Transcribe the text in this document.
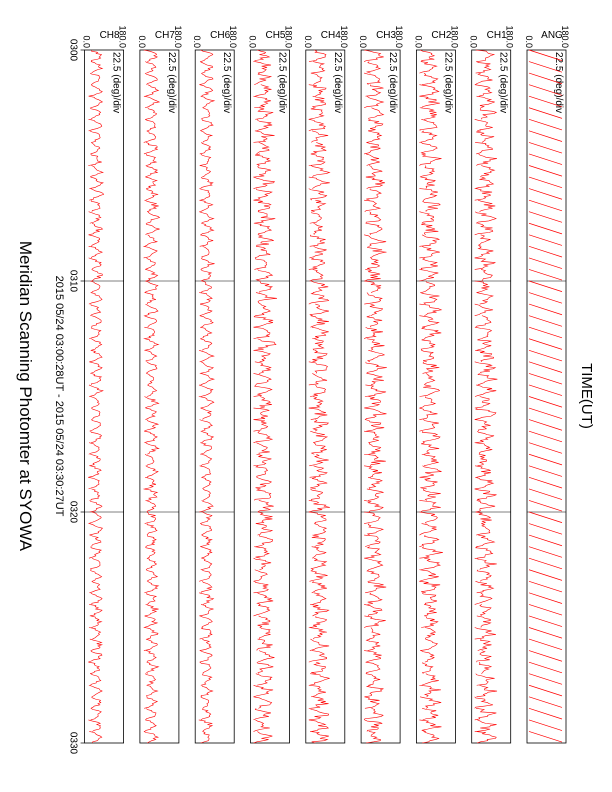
Meridian Scanning Photomter at SYOWA 2015 05/24 03:00:28UT - 2015 05/24 03:30:27UT	TIME(UT)
ANG
180.0
0.0
22.5 (deg)/div
CH1
180.0
0.0
22.5 (deg)/div
CH2
180.0
0.0
22.5 (deg)/div
CH3
180.0
0.0
22.5 (deg)/div
CH4
180.0
0.0
22.5 (deg)/div
CH5
180.0
0.0
22.5 (deg)/div
CH6
180.0
0.0
22.5 (deg)/div
CH7
180.0
0.0
22.5 (deg)/div
CH8
180.0
0.0
22.5 (deg)/div
0300
0310
0320
0330
